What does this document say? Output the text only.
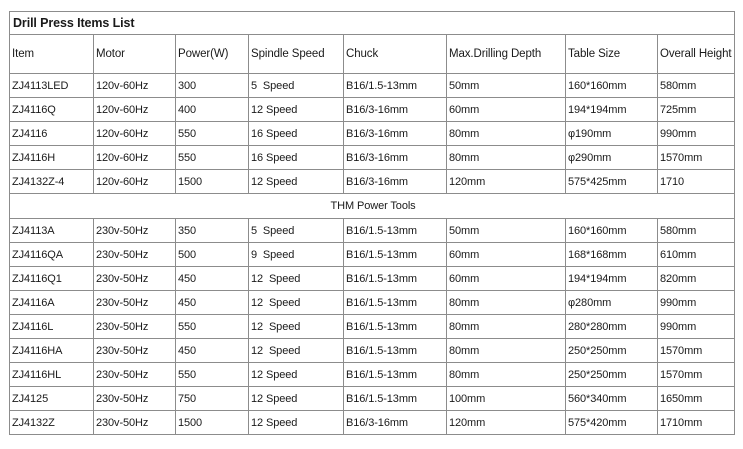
Drill Press Items List							
Item	Motor	Power(W)	Spindle Speed	Chuck	Max.Drilling Depth	Table Size	Overall Height
ZJ4113LED	120v-60Hz	300	5  Speed	B16/1.5-13mm	50mm	160*160mm	580mm
ZJ4116Q	120v-60Hz	400	12 Speed	B16/3-16mm	60mm	194*194mm	725mm
ZJ4116	120v-60Hz	550	16 Speed	B16/3-16mm	80mm	φ190mm	990mm
ZJ4116H	120v-60Hz	550	16 Speed	B16/3-16mm	80mm	φ290mm	1570mm
ZJ4132Z-4	120v-60Hz	1500	12 Speed	B16/3-16mm	120mm	575*425mm	1710
THM Power Tools							
ZJ4113A	230v-50Hz	350	5  Speed	B16/1.5-13mm	50mm	160*160mm	580mm
ZJ4116QA	230v-50Hz	500	9  Speed	B16/1.5-13mm	60mm	168*168mm	610mm
ZJ4116Q1	230v-50Hz	450	12  Speed	B16/1.5-13mm	60mm	194*194mm	820mm
ZJ4116A	230v-50Hz	450	12  Speed	B16/1.5-13mm	80mm	φ280mm	990mm
ZJ4116L	230v-50Hz	550	12  Speed	B16/1.5-13mm	80mm	280*280mm	990mm
ZJ4116HA	230v-50Hz	450	12  Speed	B16/1.5-13mm	80mm	250*250mm	1570mm
ZJ4116HL	230v-50Hz	550	12 Speed	B16/1.5-13mm	80mm	250*250mm	1570mm
ZJ4125	230v-50Hz	750	12 Speed	B16/1.5-13mm	100mm	560*340mm	1650mm
ZJ4132Z	230v-50Hz	1500	12 Speed	B16/3-16mm	120mm	575*420mm	1710mm
